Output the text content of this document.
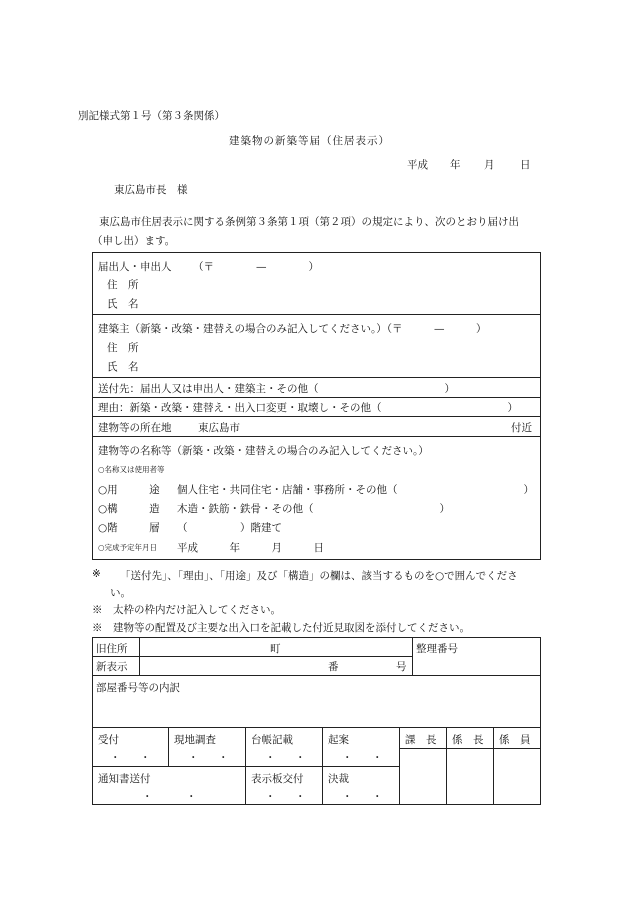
別記様式第１号（第３条関係）
建築物の新築等届（住居表示）
平成 年 月 日
東広島市長　様
東広島市住居表示に関する条例第３条第１項（第２項）の規定により、次のとおり届け出
（申し出）ます。
届出人・申出人 （〒　　　　—　　　　）
住　所
氏　名
建築主（新築・改築・建替えの場合のみ記入してください。）（〒　　　—　　　）
住　所
氏　名
送付先：届出人又は申出人・建築主・その他（　　　　　　　　　　　　）
理由：新築・改築・建替え・出入口変更・取壊し・その他（　　　　　　　　　　　　）
建物等の所在地	東広島市	付近
建物等の名称等（新築・改築・建替えの場合のみ記入してください。）
○名称又は使用者等
○用　　　途 個人住宅・共同住宅・店舗・事務所・その他（　　　　　　　　　　　　）
○構　　　造 木造・鉄筋・鉄骨・その他（　　　　　　　　　　　　）
○階　　　層 （　　　　　）階建て
○完成予定年月日 平成　　　年　　　月　　　日
※ 「送付先」、「理由」、「用途」及び「構造」の欄は、該当するものを○で囲んでくださ
い。
※　太枠の枠内だけ記入してください。
※　建物等の配置及び主要な出入口を記載した付近見取図を添付してください。
旧住所	町	整理番号
新表示	番	号
部屋番号等の内訳
受付	現地調査	台帳記載	起案	課　長 係　長 係　員
・ ・	・ ・	・ ・	・ ・
通知書送付	表示板交付 決裁
・	・	・ ・	・ ・
